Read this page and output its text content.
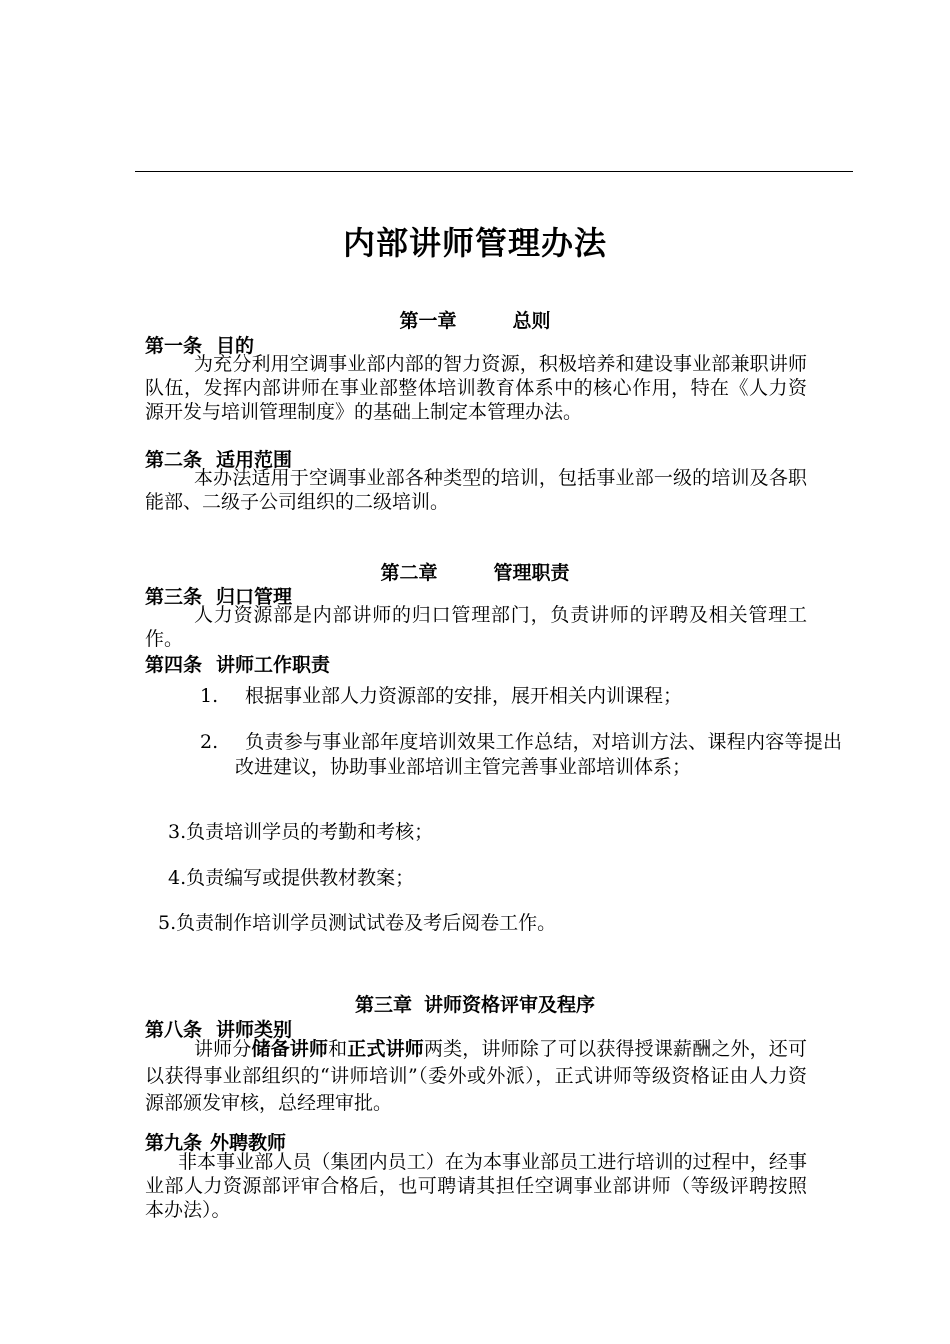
内部讲师管理办法
第一章	总则
第一条 目的
为充分利用空调事业部内部的智力资源，积极培养和建设事业部兼职讲师队伍，发挥内部讲师在事业部整体培训教育体系中的核心作用，特在《人力资源开发与培训管理制度》的基础上制定本管理办法。
第二条 适用范围
本办法适用于空调事业部各种类型的培训，包括事业部一级的培训及各职能部、二级子公司组织的二级培训。
第二章	管理职责
第三条 归口管理
人力资源部是内部讲师的归口管理部门，负责讲师的评聘及相关管理工作。
第四条 讲师工作职责
1. 根据事业部人力资源部的安排，展开相关内训课程；
2. 负责参与事业部年度培训效果工作总结，对培训方法、课程内容等提出改进建议，协助事业部培训主管完善事业部培训体系；
3.负责培训学员的考勤和考核；
4.负责编写或提供教材教案；
5.负责制作培训学员测试试卷及考后阅卷工作。
第三章 讲师资格评审及程序
第八条 讲师类别
讲师分储备讲师和正式讲师两类，讲师除了可以获得授课薪酬之外，还可以获得事业部组织的“讲师培训”（委外或外派），正式讲师等级资格证由人力资源部颁发审核，总经理审批。
第九条 外聘教师
非本事业部人员（集团内员工）在为本事业部员工进行培训的过程中，经事业部人力资源部评审合格后，也可聘请其担任空调事业部讲师（等级评聘按照本办法）。
